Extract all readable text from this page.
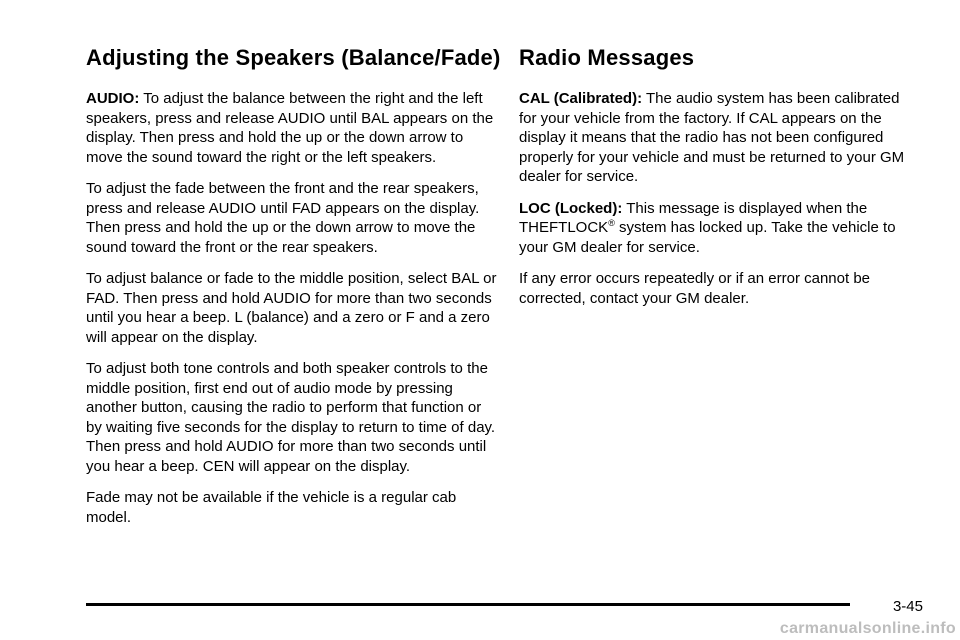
Adjusting the Speakers (Balance/Fade)

AUDIO: To adjust the balance between the right and the left speakers, press and release AUDIO until BAL appears on the display. Then press and hold the up or the down arrow to move the sound toward the right or the left speakers.

To adjust the fade between the front and the rear speakers, press and release AUDIO until FAD appears on the display. Then press and hold the up or the down arrow to move the sound toward the front or the rear speakers.

To adjust balance or fade to the middle position, select BAL or FAD. Then press and hold AUDIO for more than two seconds until you hear a beep. L (balance) and a zero or F and a zero will appear on the display.

To adjust both tone controls and both speaker controls to the middle position, first end out of audio mode by pressing another button, causing the radio to perform that function or by waiting five seconds for the display to return to time of day. Then press and hold AUDIO for more than two seconds until you hear a beep. CEN will appear on the display.

Fade may not be available if the vehicle is a regular cab model.

Radio Messages

CAL (Calibrated): The audio system has been calibrated for your vehicle from the factory. If CAL appears on the display it means that the radio has not been configured properly for your vehicle and must be returned to your GM dealer for service.

LOC (Locked): This message is displayed when the THEFTLOCK® system has locked up. Take the vehicle to your GM dealer for service.

If any error occurs repeatedly or if an error cannot be corrected, contact your GM dealer.

3-45
carmanualsonline.info
